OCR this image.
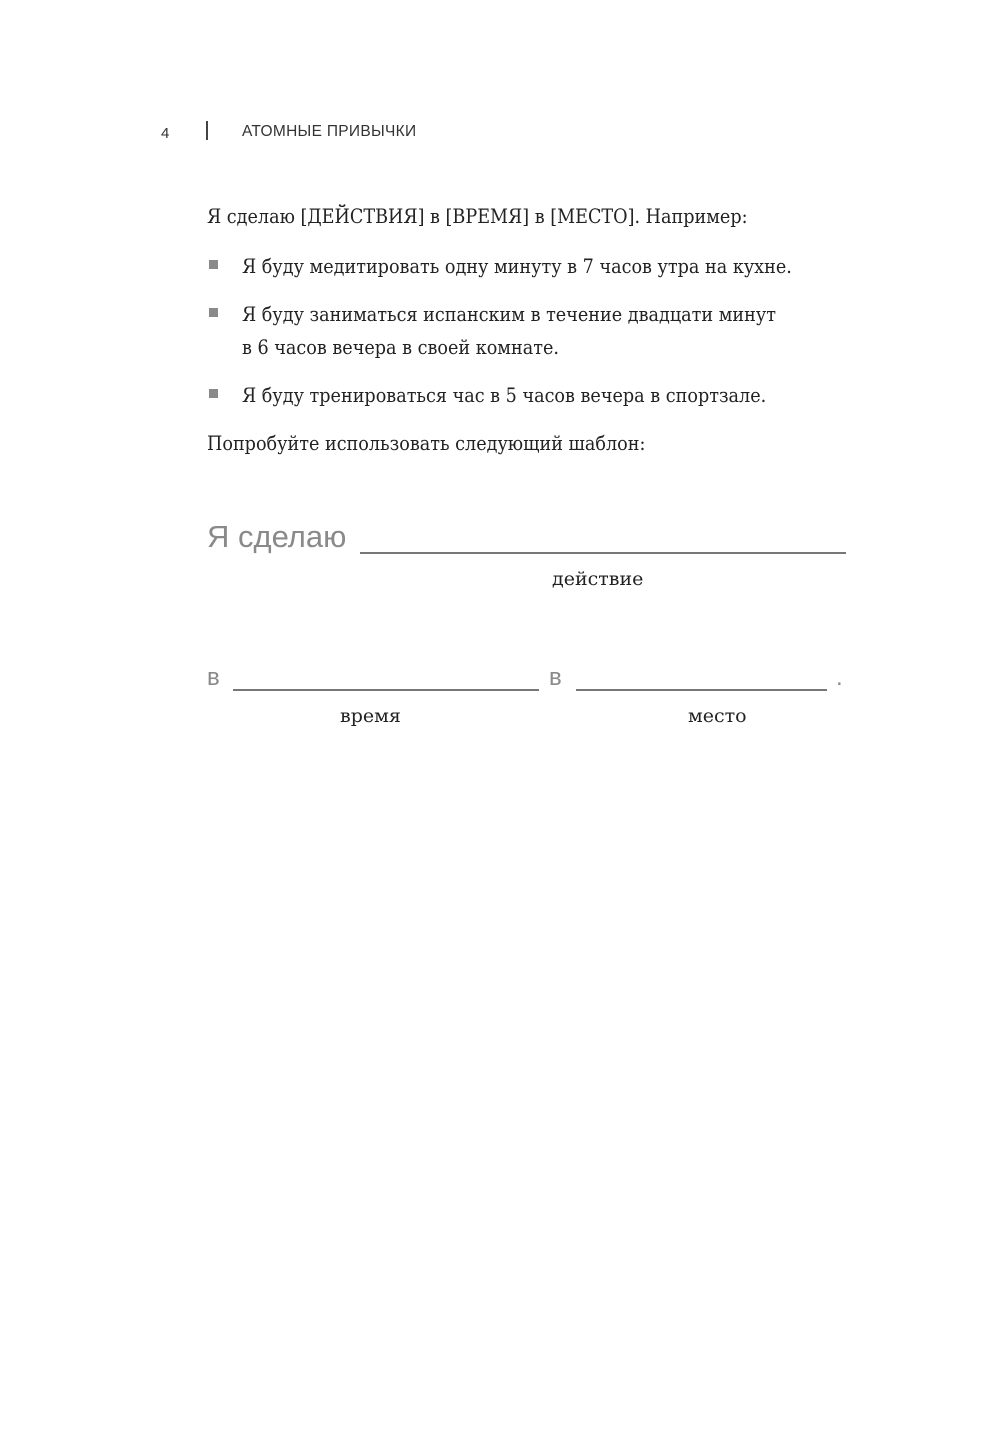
4	АТОМНЫЕ ПРИВЫЧКИ
Я сделаю [ДЕЙСТВИЯ] в [ВРЕМЯ] в [МЕСТО]. Например:
Я буду медитировать одну минуту в 7 часов утра на кухне.
Я буду заниматься испанским в течение двадцати минут
в 6 часов вечера в своей комнате.
Я буду тренироваться час в 5 часов вечера в спортзале.
Попробуйте использовать следующий шаблон:
Я сделаю
действие
в	в	.
время	место
